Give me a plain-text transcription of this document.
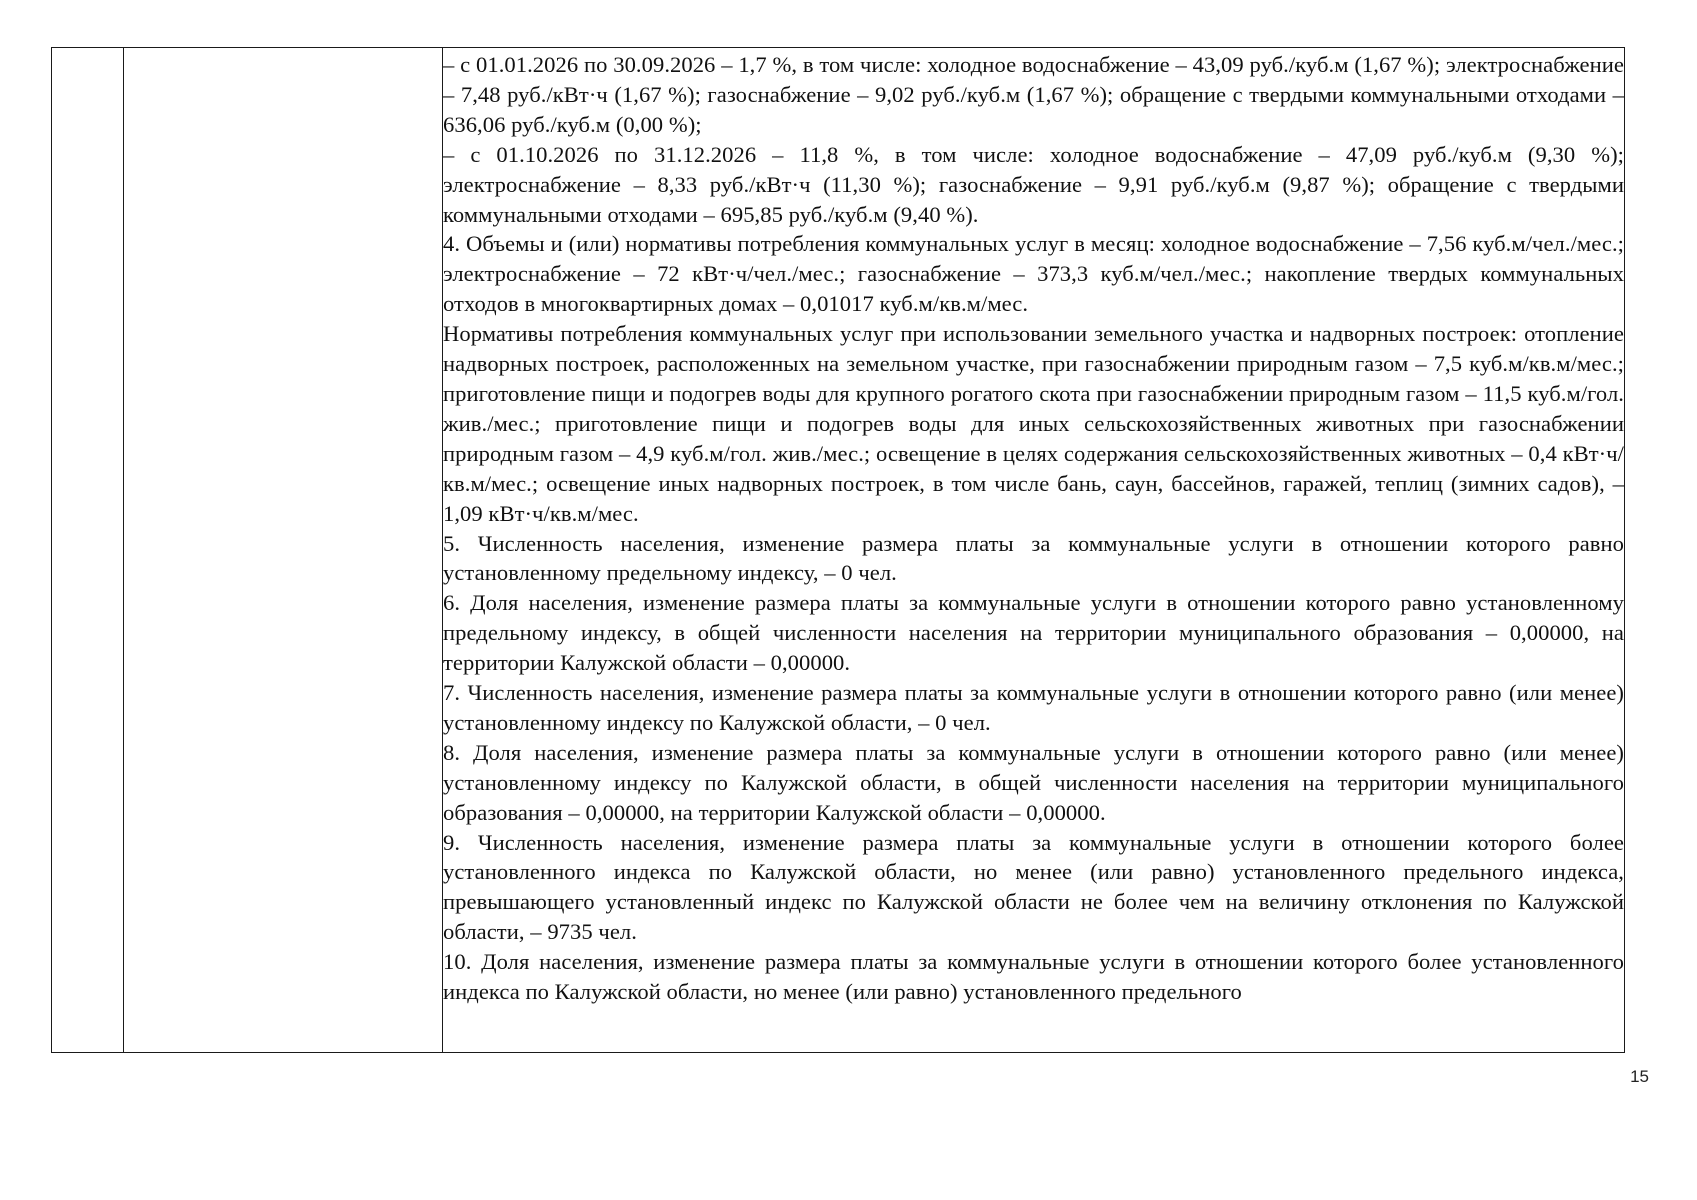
– с 01.01.2026 по 30.09.2026 – 1,7 %, в том числе: холодное водоснабжение – 43,09 руб./куб.м (1,67 %); электроснабжение – 7,48 руб./кВт·ч (1,67 %); газоснабжение – 9,02 руб./куб.м (1,67 %); обращение с твердыми коммунальными отходами – 636,06 руб./куб.м (0,00 %);

– с 01.10.2026 по 31.12.2026 – 11,8 %, в том числе: холодное водоснабжение – 47,09 руб./куб.м (9,30 %); электроснабжение – 8,33 руб./кВт·ч (11,30 %); газоснабжение – 9,91 руб./куб.м (9,87 %); обращение с твердыми коммунальными отходами – 695,85 руб./куб.м (9,40 %).

4. Объемы и (или) нормативы потребления коммунальных услуг в месяц: холодное водоснабжение – 7,56 куб.м/чел./мес.; электроснабжение – 72 кВт·ч/чел./мес.; газоснабжение – 373,3 куб.м/чел./мес.; накопление твердых коммунальных отходов в многоквартирных домах – 0,01017 куб.м/кв.м/мес.

Нормативы потребления коммунальных услуг при использовании земельного участка и надворных построек: отопление надворных построек, расположенных на земельном участке, при газоснабжении природным газом – 7,5 куб.м/кв.м/мес.; приготовление пищи и подогрев воды для крупного рогатого скота при газоснабжении природным газом – 11,5 куб.м/гол. жив./мес.; приготовление пищи и подогрев воды для иных сельскохозяйственных животных при газоснабжении природным газом – 4,9 куб.м/гол. жив./мес.; освещение в целях содержания сельскохозяйственных животных – 0,4 кВт·ч/кв.м/мес.; освещение иных надворных построек, в том числе бань, саун, бассейнов, гаражей, теплиц (зимних садов), – 1,09 кВт·ч/кв.м/мес.

5. Численность населения, изменение размера платы за коммунальные услуги в отношении которого равно установленному предельному индексу, – 0 чел.

6. Доля населения, изменение размера платы за коммунальные услуги в отношении которого равно установленному предельному индексу, в общей численности населения на территории муниципального образования – 0,00000, на территории Калужской области – 0,00000.

7. Численность населения, изменение размера платы за коммунальные услуги в отношении которого равно (или менее) установленному индексу по Калужской области, – 0 чел.

8. Доля населения, изменение размера платы за коммунальные услуги в отношении которого равно (или менее) установленному индексу по Калужской области, в общей численности населения на территории муниципального образования – 0,00000, на территории Калужской области – 0,00000.

9. Численность населения, изменение размера платы за коммунальные услуги в отношении которого более установленного индекса по Калужской области, но менее (или равно) установленного предельного индекса, превышающего установленный индекс по Калужской области не более чем на величину отклонения по Калужской области, – 9735 чел.

10. Доля населения, изменение размера платы за коммунальные услуги в отношении которого более установленного индекса по Калужской области, но менее (или равно) установленного предельного

15
